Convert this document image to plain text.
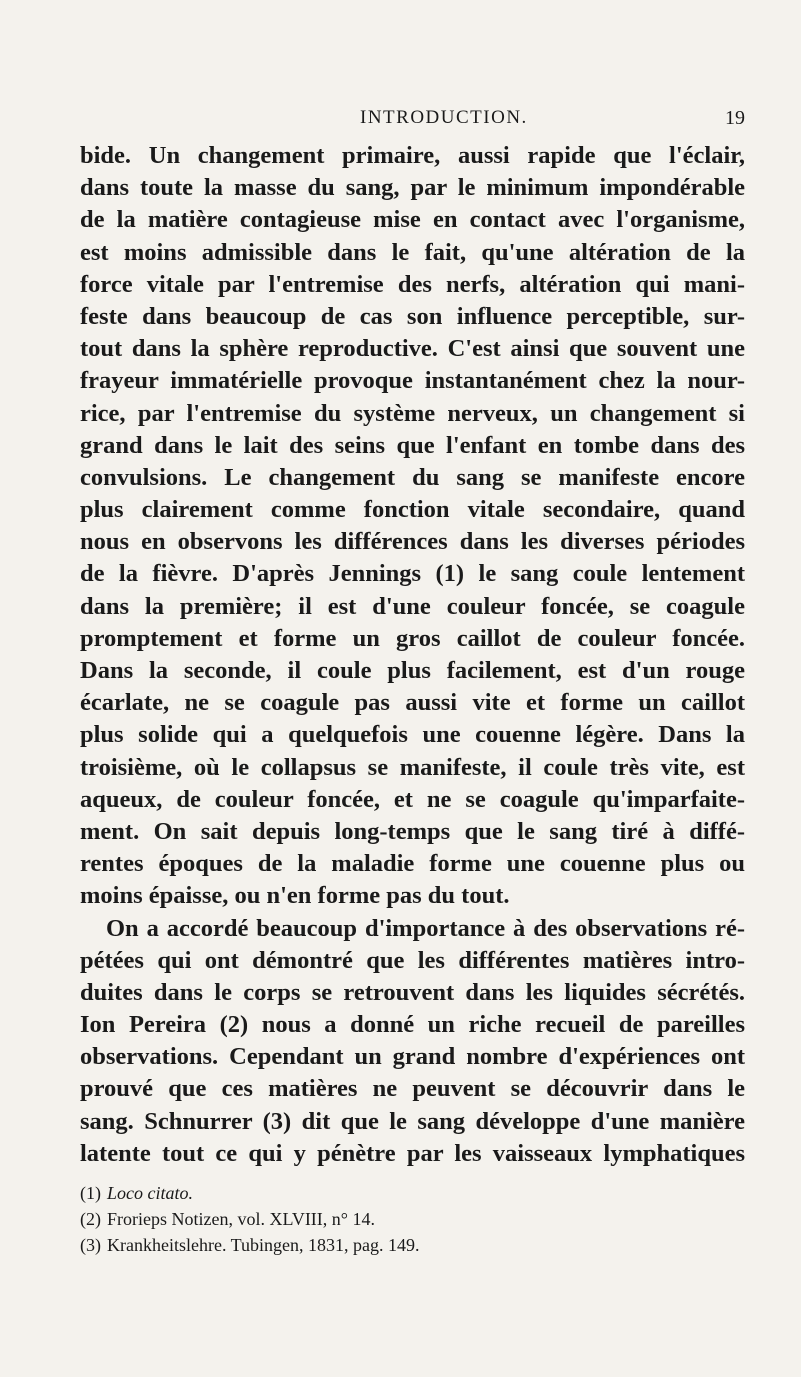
INTRODUCTION.	19
bide. Un changement primaire, aussi rapide que l'éclair,
dans toute la masse du sang, par le minimum impondérable
de la matière contagieuse mise en contact avec l'organisme,
est moins admissible dans le fait, qu'une altération de la
force vitale par l'entremise des nerfs, altération qui mani-
feste dans beaucoup de cas son influence perceptible, sur-
tout dans la sphère reproductive. C'est ainsi que souvent une
frayeur immatérielle provoque instantanément chez la nour-
rice, par l'entremise du système nerveux, un changement si
grand dans le lait des seins que l'enfant en tombe dans des
convulsions. Le changement du sang se manifeste encore
plus clairement comme fonction vitale secondaire, quand
nous en observons les différences dans les diverses périodes
de la fièvre. D'après Jennings (1) le sang coule lentement
dans la première; il est d'une couleur foncée, se coagule
promptement et forme un gros caillot de couleur foncée.
Dans la seconde, il coule plus facilement, est d'un rouge
écarlate, ne se coagule pas aussi vite et forme un caillot
plus solide qui a quelquefois une couenne légère. Dans la
troisième, où le collapsus se manifeste, il coule très vite, est
aqueux, de couleur foncée, et ne se coagule qu'imparfaite-
ment. On sait depuis long-temps que le sang tiré à diffé-
rentes époques de la maladie forme une couenne plus ou
moins épaisse, ou n'en forme pas du tout.
On a accordé beaucoup d'importance à des observations ré-
pétées qui ont démontré que les différentes matières intro-
duites dans le corps se retrouvent dans les liquides sécrétés.
Ion Pereira (2) nous a donné un riche recueil de pareilles
observations. Cependant un grand nombre d'expériences ont
prouvé que ces matières ne peuvent se découvrir dans le
sang. Schnurrer (3) dit que le sang développe d'une manière
latente tout ce qui y pénètre par les vaisseaux lymphatiques
(1) Loco citato.
(2) Frorieps Notizen, vol. XLVIII, n° 14.
(3) Krankheitslehre. Tubingen, 1831, pag. 149.
